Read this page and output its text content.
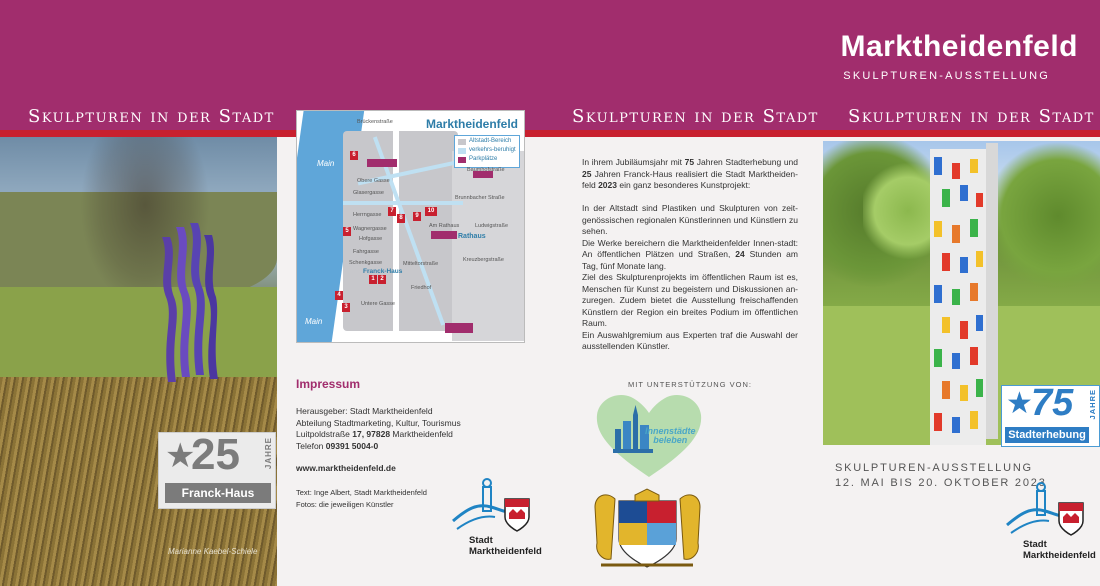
Marktheidenfeld
SKULPTUREN-AUSSTELLUNG
Skulpturen in der Stadt	Skulpturen in der Stadt Skulpturen in der Stadt
★
25	JAHRE
Franck-Haus
Marianne Kaebel-Schiele
Marktheidenfeld
Altstadt-Bereich
verkehrs-beruhigt
Parkplätze
Main
Main
Brückenstraße
Obere Gasse
Glasergasse
Herrngasse
Wagnergasse
Hofgasse
Fahrgasse
Schenkgasse
Untere Gasse
Baumhofstraße
Brunnbacher Straße
Ludwigstraße
Am Rathaus
Kreuzbergstraße
Friedhof
Mitteltorstraße
Franck-Haus
Rathaus
1 2
3
4
5
6
7
8	9
10
Impressum
Herausgeber: Stadt Marktheidenfeld
Abteilung Stadtmarketing, Kultur, Tourismus
Luitpoldstraße 17, 97828 Marktheidenfeld
Telefon 09391 5004-0
www.marktheidenfeld.de
Text: Inge Albert, Stadt Marktheidenfeld
Fotos: die jeweiligen Künstler
Stadt
Marktheidenfeld

In ihrem Jubiläumsjahr mit 75 Jahren Stadterhebung und 25 Jahren Franck-Haus realisiert die Stadt Marktheiden-feld 2023 ein ganz besonderes Kunstprojekt:

In der Altstadt sind Plastiken und Skulpturen von zeit-genössischen regionalen Künstlerinnen und Künstlern zu sehen.

Die Werke bereichern die Marktheidenfelder Innen-stadt: An öffentlichen Plätzen und Straßen, 24 Stunden am Tag, fünf Monate lang.

Ziel des Skulpturenprojekts im öffentlichen Raum ist es, Menschen für Kunst zu begeistern und Diskussionen an-zuregen. Zudem bietet die Ausstellung freischaffenden Künstlern der Region ein breites Podium im öffentlichen Raum.

Ein Auswahlgremium aus Experten traf die Auswahl der ausstellenden Künstler.

MIT UNTERSTÜTZUNG VON:
Innenstädte
beleben
★
75 JAHRE
Stadterhebung
SKULPTUREN-AUSSTELLUNG
12. MAI BIS 20. OKTOBER 2023
Stadt
Marktheidenfeld
